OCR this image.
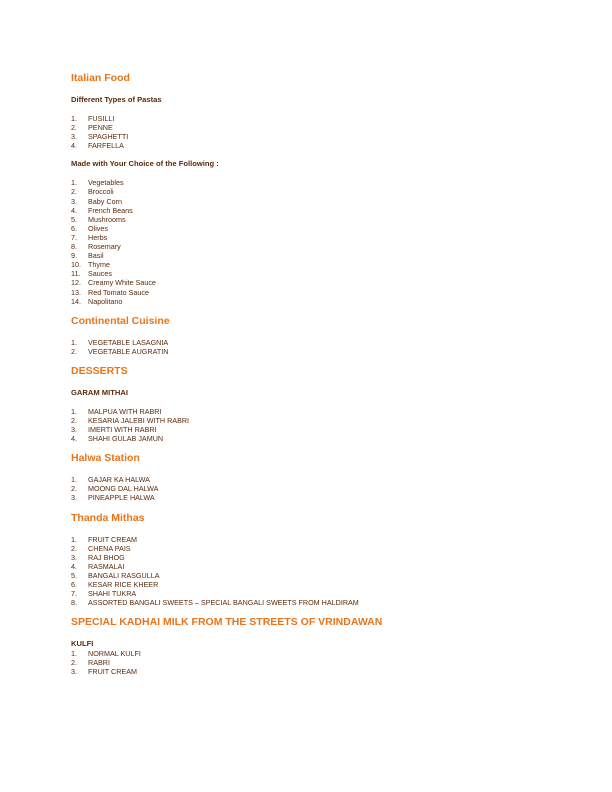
Italian Food
Different Types of Pastas
1. FUSILLI
2. PENNE
3. SPAGHETTI
4. FARFELLA
Made with Your Choice of the Following :
1. Vegetables
2. Broccoli
3. Baby Corn
4. French Beans
5. Mushrooms
6. Olives
7. Herbs
8. Rosemary
9. Basil
10. Thyme
11. Sauces
12. Creamy White Sauce
13. Red Tomato Sauce
14. Napolitano
Continental Cuisine
1. VEGETABLE LASAGNIA
2. VEGETABLE AUGRATIN
DESSERTS
GARAM MITHAI
1. MALPUA WITH RABRI
2. KESARIA JALEBI WITH RABRI
3. IMERTI WITH RABRI
4. SHAHI GULAB JAMUN
Halwa Station
1. GAJAR KA HALWA
2. MOONG DAL HALWA
3. PINEAPPLE HALWA
Thanda Mithas
1. FRUIT CREAM
2. CHENA PAIS
3. RAJ BHOG
4. RASMALAI
5. BANGALI RASGULLA
6. KESAR RICE KHEER
7. SHAHI TUKRA
8. ASSORTED BANGALI SWEETS – SPECIAL BANGALI SWEETS FROM HALDIRAM
SPECIAL KADHAI MILK FROM THE STREETS OF VRINDAWAN
KULFI
1. NORMAL KULFI
2. RABRI
3. FRUIT CREAM
